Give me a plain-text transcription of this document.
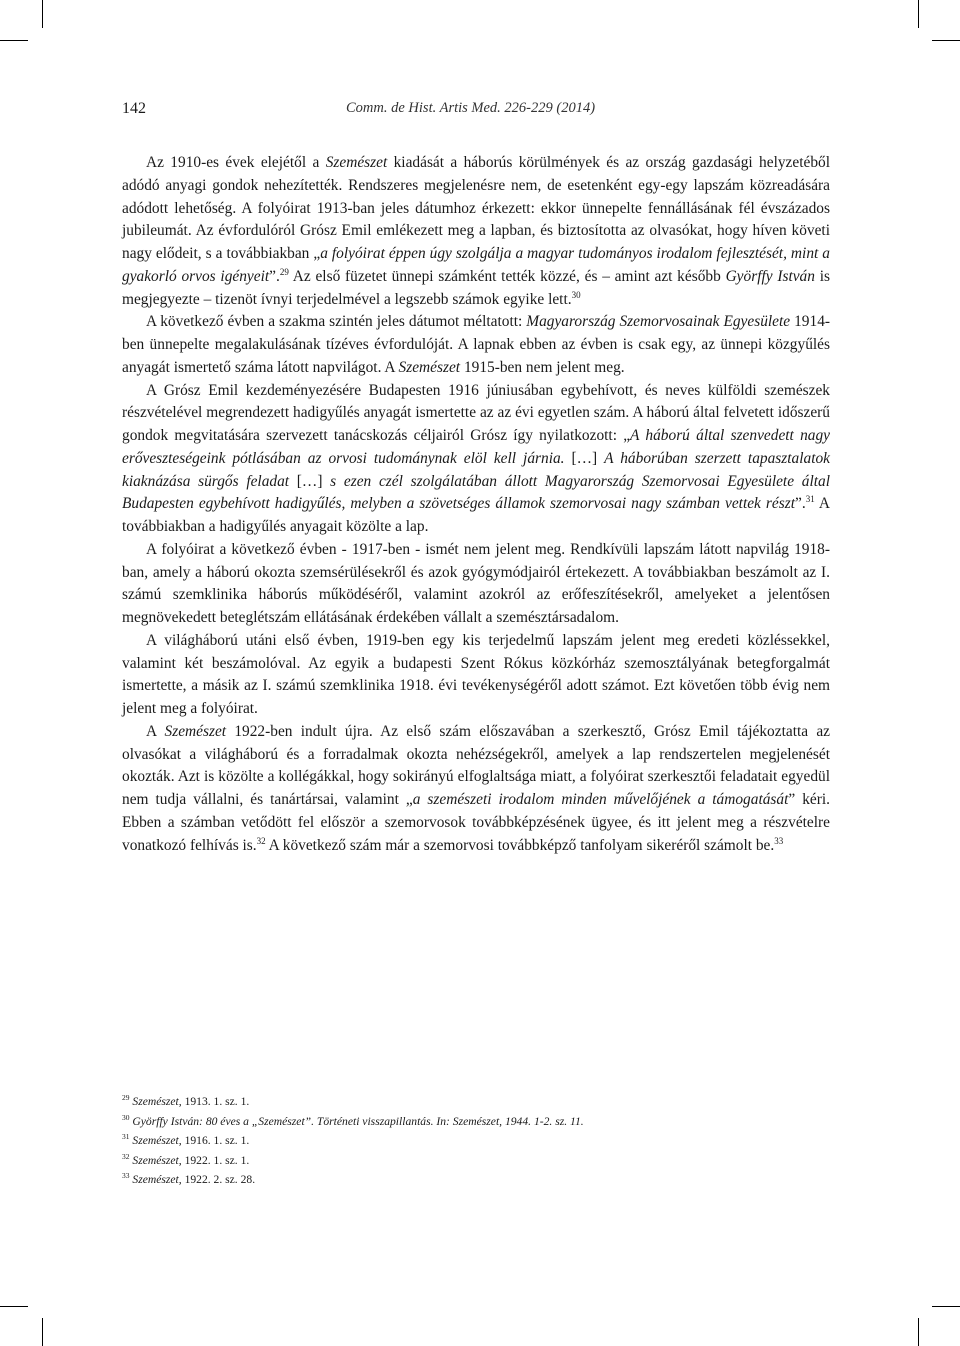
142	Comm. de Hist. Artis Med. 226-229 (2014)

Az 1910-es évek elejétől a Szemészet kiadását a háborús körülmények és az ország gazdasági helyzetéből adódó anyagi gondok nehezítették. Rendszeres megjelenésre nem, de esetenként egy-egy lapszám közreadására adódott lehetőség. A folyóirat 1913-ban jeles dátumhoz érkezett: ekkor ünnepelte fennállásának fél évszázados jubileumát. Az évfordulóról Grósz Emil emlékezett meg a lapban, és biztosította az olvasókat, hogy híven követi nagy elődeit, s a továbbiakban „a folyóirat éppen úgy szolgálja a magyar tudományos irodalom fejlesztését, mint a gyakorló orvos igényeit”.$^{29}$ Az első füzetet ünnepi számként tették közzé, és – amint azt később Györffy István is megjegyezte – tizenöt ívnyi terjedelmével a legszebb számok egyike lett.$^{30}$

A következő évben a szakma szintén jeles dátumot méltatott: Magyarország Szemorvosainak Egyesülete 1914-ben ünnepelte megalakulásának tízéves évfordulóját. A lapnak ebben az évben is csak egy, az ünnepi közgyűlés anyagát ismertető száma látott napvilágot. A Szemészet 1915-ben nem jelent meg.

A Grósz Emil kezdeményezésére Budapesten 1916 júniusában egybehívott, és neves külföldi szemészek részvételével megrendezett hadigyűlés anyagát ismertette az az évi egyetlen szám. A háború által felvetett időszerű gondok megvitatására szervezett tanácskozás céljairól Grósz így nyilatkozott: „A háború által szenvedett nagy erőveszteségeink pótlásában az orvosi tudománynak elöl kell járnia. […] A háborúban szerzett tapasztalatok kiaknázása sürgős feladat […] s ezen czél szolgálatában állott Magyarország Szemorvosai Egyesülete által Budapesten egybehívott hadigyűlés, melyben a szövetséges államok szemorvosai nagy számban vettek részt”.$^{31}$ A továbbiakban a hadigyűlés anyagait közölte a lap.

A folyóirat a következő évben - 1917-ben - ismét nem jelent meg. Rendkívüli lapszám látott napvilág 1918-ban, amely a háború okozta szemsérülésekről és azok gyógymódjairól értekezett. A továbbiakban beszámolt az I. számú szemklinika háborús működéséről, valamint azokról az erőfeszítésekről, amelyeket a jelentősen megnövekedett beteglétszám ellátásának érdekében vállalt a szemésztársadalom.

A világháború utáni első évben, 1919-ben egy kis terjedelmű lapszám jelent meg eredeti közléssekkel, valamint két beszámolóval. Az egyik a budapesti Szent Rókus közkórház szemosztályának betegforgalmát ismertette, a másik az I. számú szemklinika 1918. évi tevékenységéről adott számot. Ezt követően több évig nem jelent meg a folyóirat.

A Szemészet 1922-ben indult újra. Az első szám előszavában a szerkesztő, Grósz Emil tájékoztatta az olvasókat a világháború és a forradalmak okozta nehézségekről, amelyek a lap rendszertelen megjelenését okozták. Azt is közölte a kollégákkal, hogy sokirányú elfoglaltsága miatt, a folyóirat szerkesztői feladatait egyedül nem tudja vállalni, és tanártársai, valamint „a szemészeti irodalom minden művelőjének a támogatását” kéri. Ebben a számban vetődött fel először a szemorvosok továbbképzésének ügyee, és itt jelent meg a részvételre vonatkozó felhívás is.$^{32}$ A következő szám már a szemorvosi továbbképző tanfolyam sikeréről számolt be.$^{33}$

$^{29}$ Szemészet, 1913. 1. sz. 1.
$^{30}$ Györffy István: 80 éves a „Szemészet”. Történeti visszapillantás. In: Szemészet, 1944. 1-2. sz. 11.
$^{31}$ Szemészet, 1916. 1. sz. 1.
$^{32}$ Szemészet, 1922. 1. sz. 1.
$^{33}$ Szemészet, 1922. 2. sz. 28.
